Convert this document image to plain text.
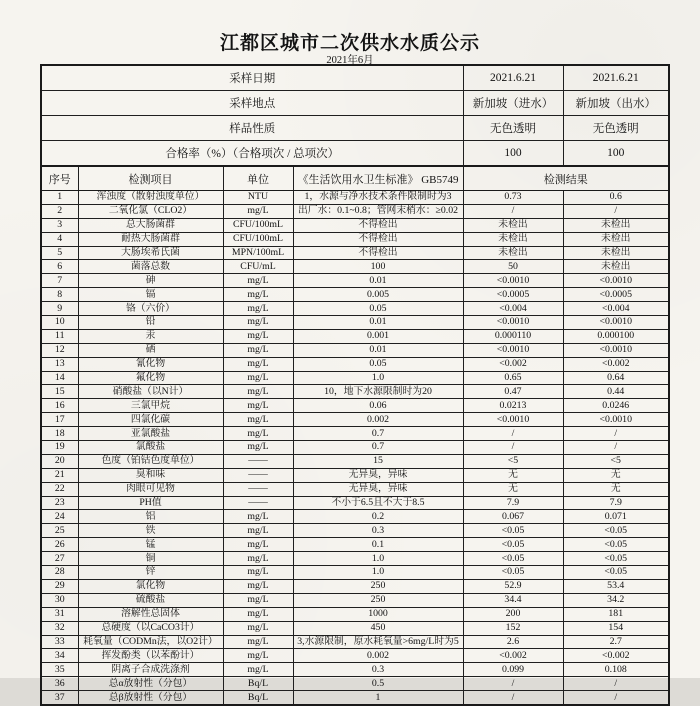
江都区城市二次供水水质公示
2021年6月
采样日期				2021.6.21	2021.6.21
采样地点				新加坡（进水）	新加坡（出水）
样品性质				无色透明	无色透明
合格率（%）（合格项次 / 总项次）				100	100
序号	检测项目	单位	《生活饮用水卫生标准》 GB5749	检测结果	
1	浑浊度（散射浊度单位）	NTU	1，水源与净水技术条件限制时为3	0.73	0.6
2	二氧化氯（CLO2）	mg/L	出厂水：0.1~0.8；管网末梢水：≥0.02	/	/
3	总大肠菌群	CFU/100mL	不得检出	未检出	未检出
4	耐热大肠菌群	CFU/100mL	不得检出	未检出	未检出
5	大肠埃希氏菌	MPN/100mL	不得检出	未检出	未检出
6	菌落总数	CFU/mL	100	50	未检出
7	砷	mg/L	0.01	<0.0010	<0.0010
8	镉	mg/L	0.005	<0.0005	<0.0005
9	铬（六价）	mg/L	0.05	<0.004	<0.004
10	铅	mg/L	0.01	<0.0010	<0.0010
11	汞	mg/L	0.001	0.000110	0.000100
12	硒	mg/L	0.01	<0.0010	<0.0010
13	氰化物	mg/L	0.05	<0.002	<0.002
14	氟化物	mg/L	1.0	0.65	0.64
15	硝酸盐（以N计）	mg/L	10，地下水源限制时为20	0.47	0.44
16	三氯甲烷	mg/L	0.06	0.0213	0.0246
17	四氯化碳	mg/L	0.002	<0.0010	<0.0010
18	亚氯酸盐	mg/L	0.7	/	/
19	氯酸盐	mg/L	0.7	/	/
20	色度（铂钴色度单位）	——	15	<5	<5
21	臭和味	——	无异臭，异味	无	无
22	肉眼可见物	——	无异臭，异味	无	无
23	PH值	——	不小于6.5且不大于8.5	7.9	7.9
24	铝	mg/L	0.2	0.067	0.071
25	铁	mg/L	0.3	<0.05	<0.05
26	锰	mg/L	0.1	<0.05	<0.05
27	铜	mg/L	1.0	<0.05	<0.05
28	锌	mg/L	1.0	<0.05	<0.05
29	氯化物	mg/L	250	52.9	53.4
30	硫酸盐	mg/L	250	34.4	34.2
31	溶解性总固体	mg/L	1000	200	181
32	总硬度（以CaCO3计）	mg/L	450	152	154
33	耗氧量（CODMn法，以O2计）	mg/L	3,水源限制，原水耗氧量>6mg/L时为5	2.6	2.7
34	挥发酚类（以苯酚计）	mg/L	0.002	<0.002	<0.002
35	阴离子合成洗涤剂	mg/L	0.3	0.099	0.108
36	总α放射性（分包）	Bq/L	0.5	/	/
37	总β放射性（分包）	Bq/L	1	/	/
